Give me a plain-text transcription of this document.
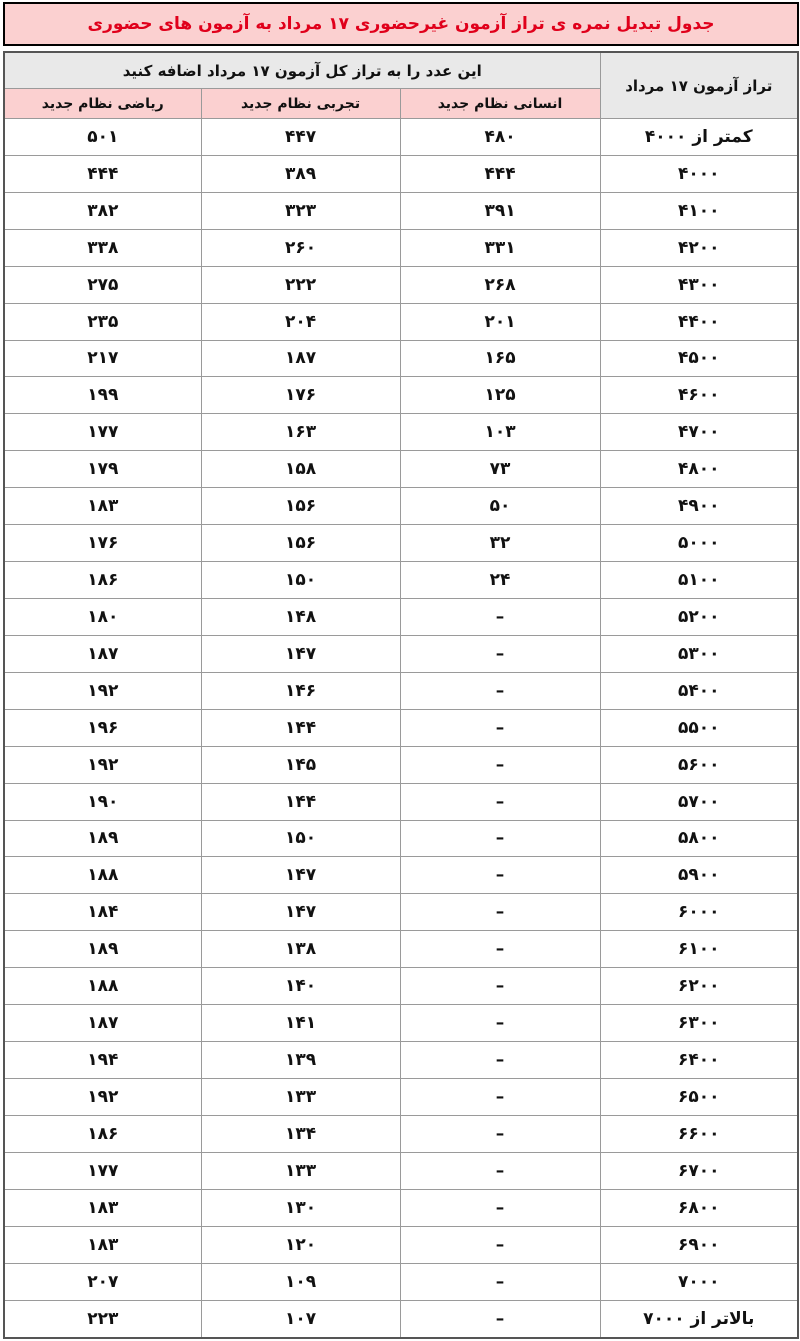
جدول تبدیل نمره ی تراز آزمون غیرحضوری ۱۷ مرداد به آزمون های حضوری
تراز آزمون ۱۷ مرداد	این عدد را به تراز کل آزمون ۱۷ مرداد اضافه کنید		
	انسانی نظام جدید	تجربی نظام جدید	ریاضی نظام جدید
کمتر از ۴۰۰۰	۴۸۰	۴۴۷	۵۰۱
۴۰۰۰	۴۴۴	۳۸۹	۴۴۴
۴۱۰۰	۳۹۱	۳۲۳	۳۸۲
۴۲۰۰	۳۳۱	۲۶۰	۳۳۸
۴۳۰۰	۲۶۸	۲۲۲	۲۷۵
۴۴۰۰	۲۰۱	۲۰۴	۲۳۵
۴۵۰۰	۱۶۵	۱۸۷	۲۱۷
۴۶۰۰	۱۲۵	۱۷۶	۱۹۹
۴۷۰۰	۱۰۳	۱۶۳	۱۷۷
۴۸۰۰	۷۳	۱۵۸	۱۷۹
۴۹۰۰	۵۰	۱۵۶	۱۸۳
۵۰۰۰	۳۲	۱۵۶	۱۷۶
۵۱۰۰	۲۴	۱۵۰	۱۸۶
۵۲۰۰	–	۱۴۸	۱۸۰
۵۳۰۰	–	۱۴۷	۱۸۷
۵۴۰۰	–	۱۴۶	۱۹۲
۵۵۰۰	–	۱۴۴	۱۹۶
۵۶۰۰	–	۱۴۵	۱۹۲
۵۷۰۰	–	۱۴۴	۱۹۰
۵۸۰۰	–	۱۵۰	۱۸۹
۵۹۰۰	–	۱۴۷	۱۸۸
۶۰۰۰	–	۱۴۷	۱۸۴
۶۱۰۰	–	۱۳۸	۱۸۹
۶۲۰۰	–	۱۴۰	۱۸۸
۶۳۰۰	–	۱۴۱	۱۸۷
۶۴۰۰	–	۱۳۹	۱۹۴
۶۵۰۰	–	۱۳۳	۱۹۲
۶۶۰۰	–	۱۳۴	۱۸۶
۶۷۰۰	–	۱۳۳	۱۷۷
۶۸۰۰	–	۱۳۰	۱۸۳
۶۹۰۰	–	۱۲۰	۱۸۳
۷۰۰۰	–	۱۰۹	۲۰۷
بالاتر از ۷۰۰۰	–	۱۰۷	۲۲۳
